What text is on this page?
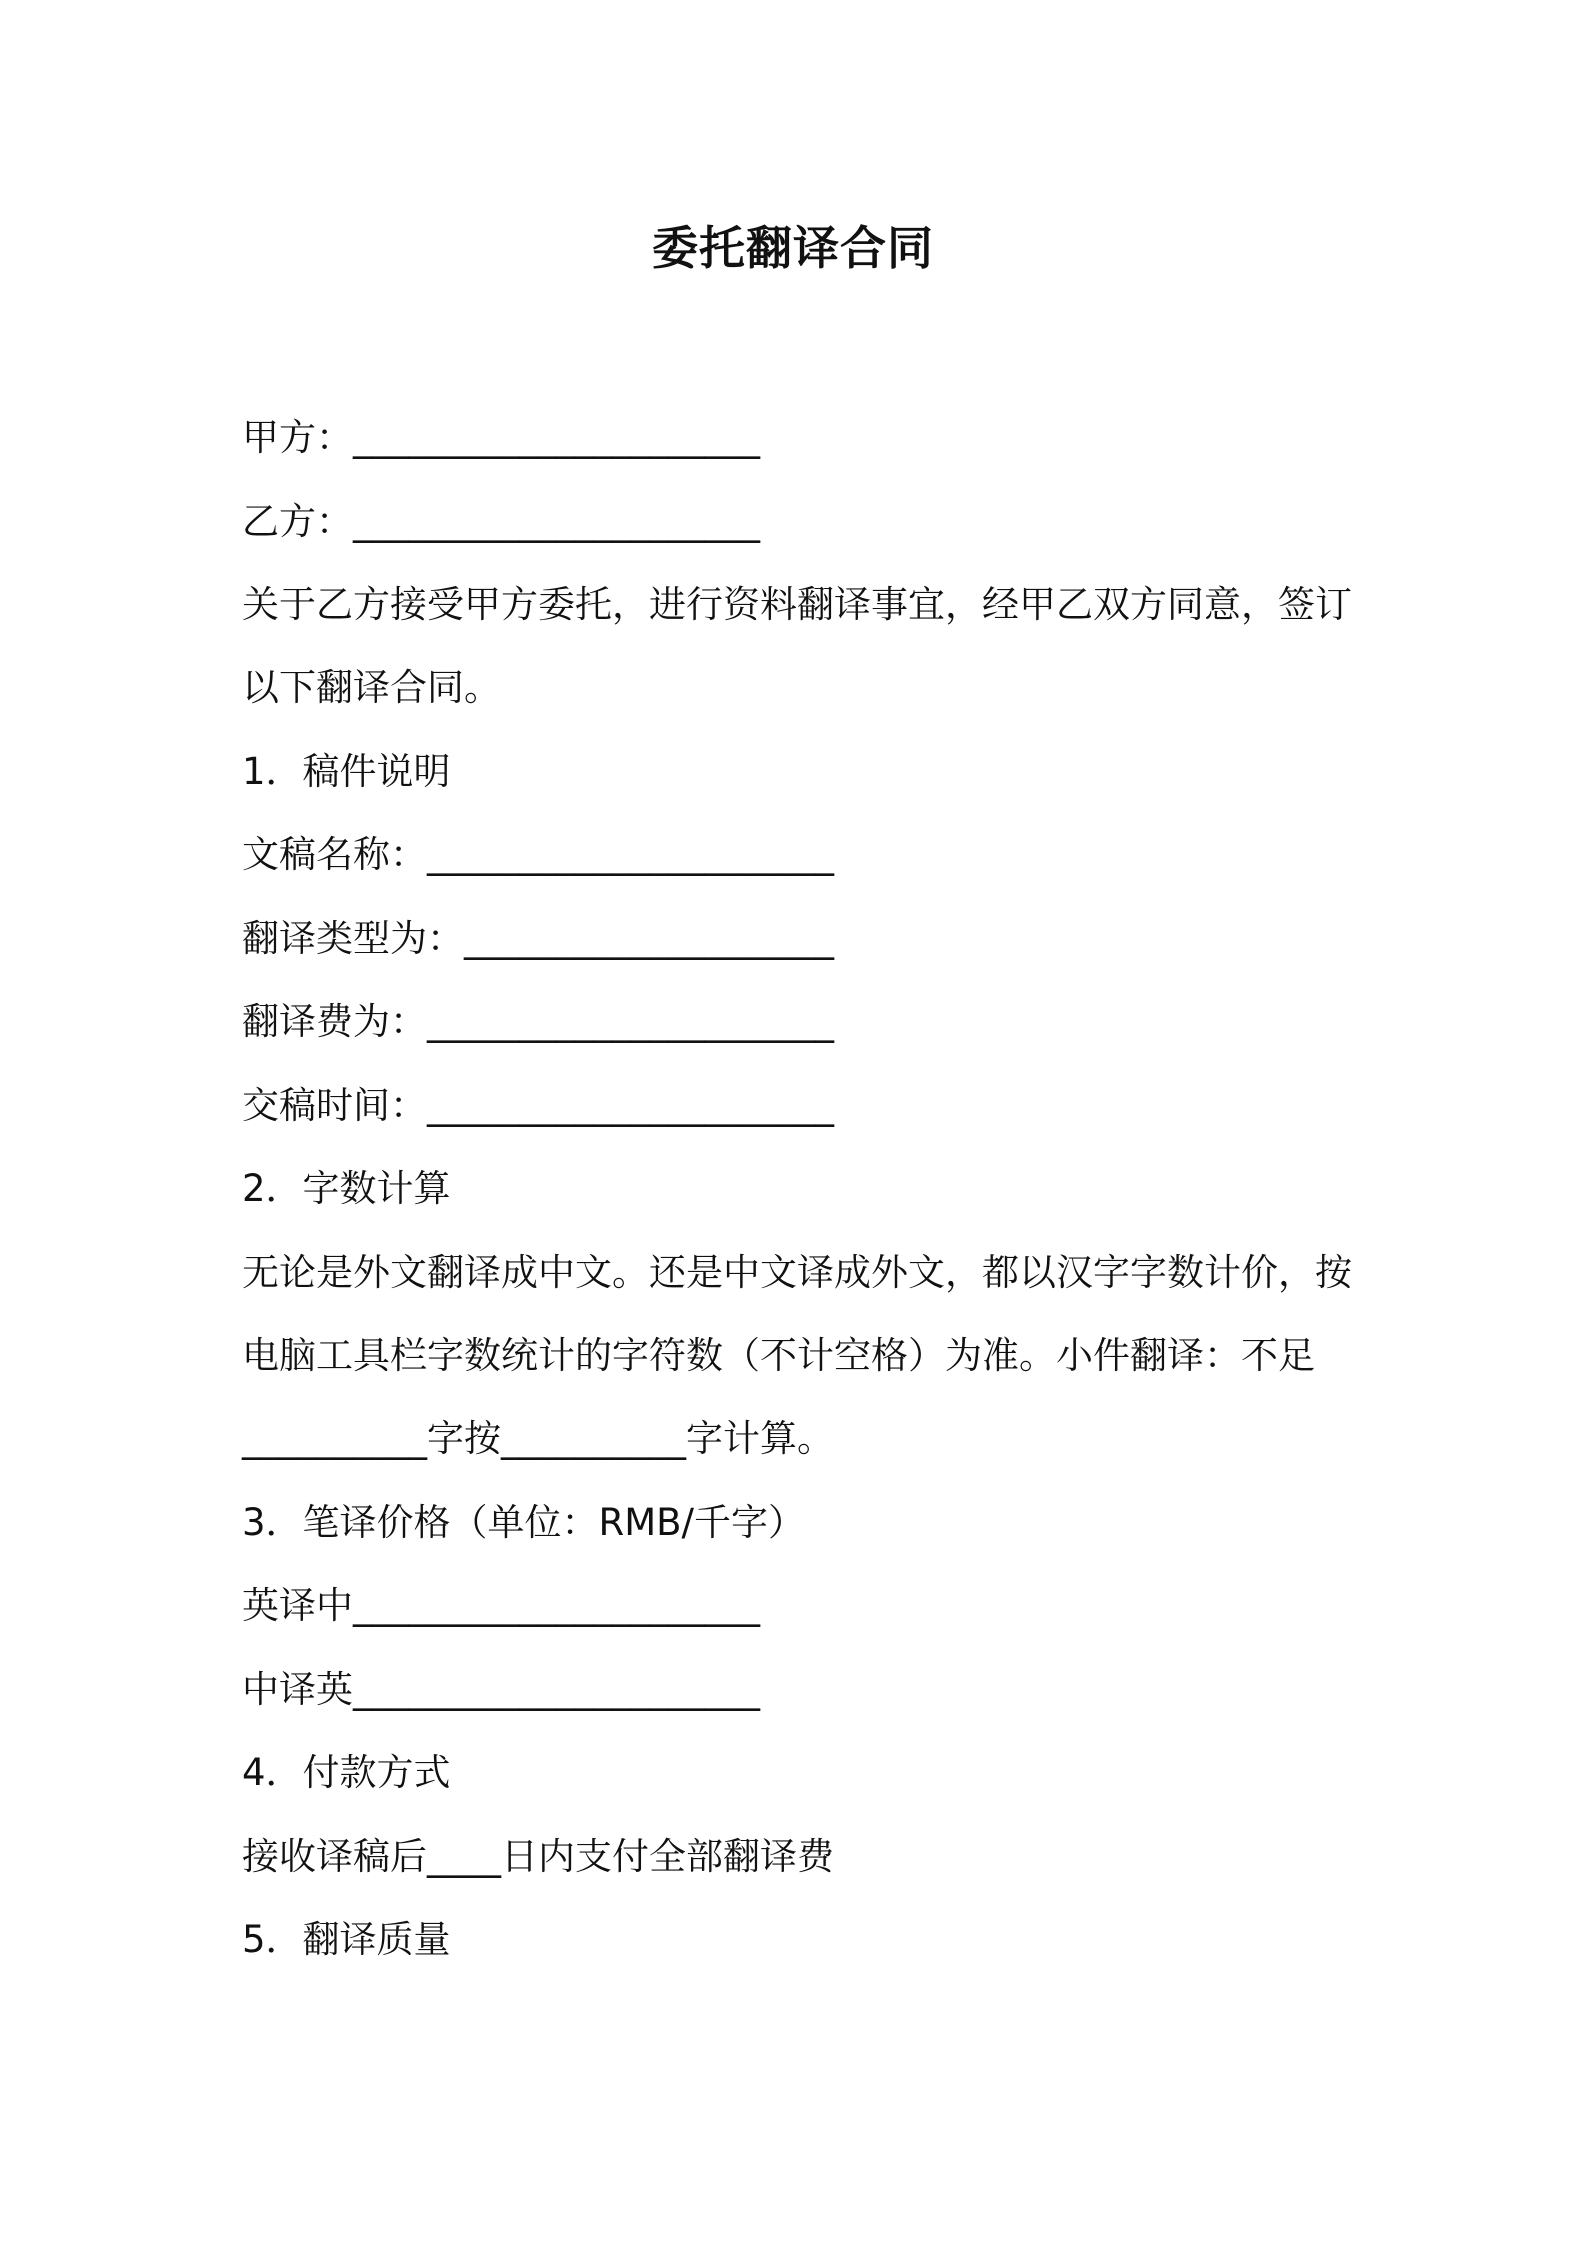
委托翻译合同
甲方：______________________
乙方：______________________
关于乙方接受甲方委托，进行资料翻译事宜，经甲乙双方同意，签订
以下翻译合同。
1．稿件说明
文稿名称：______________________
翻译类型为：____________________
翻译费为：______________________
交稿时间：______________________
2．字数计算
无论是外文翻译成中文。还是中文译成外文，都以汉字字数计价，按
电脑工具栏字数统计的字符数（不计空格）为准。小件翻译：不足
__________字按__________字计算。
3．笔译价格（单位：RMB/千字）
英译中______________________
中译英______________________
4．付款方式
接收译稿后____日内支付全部翻译费
5．翻译质量
